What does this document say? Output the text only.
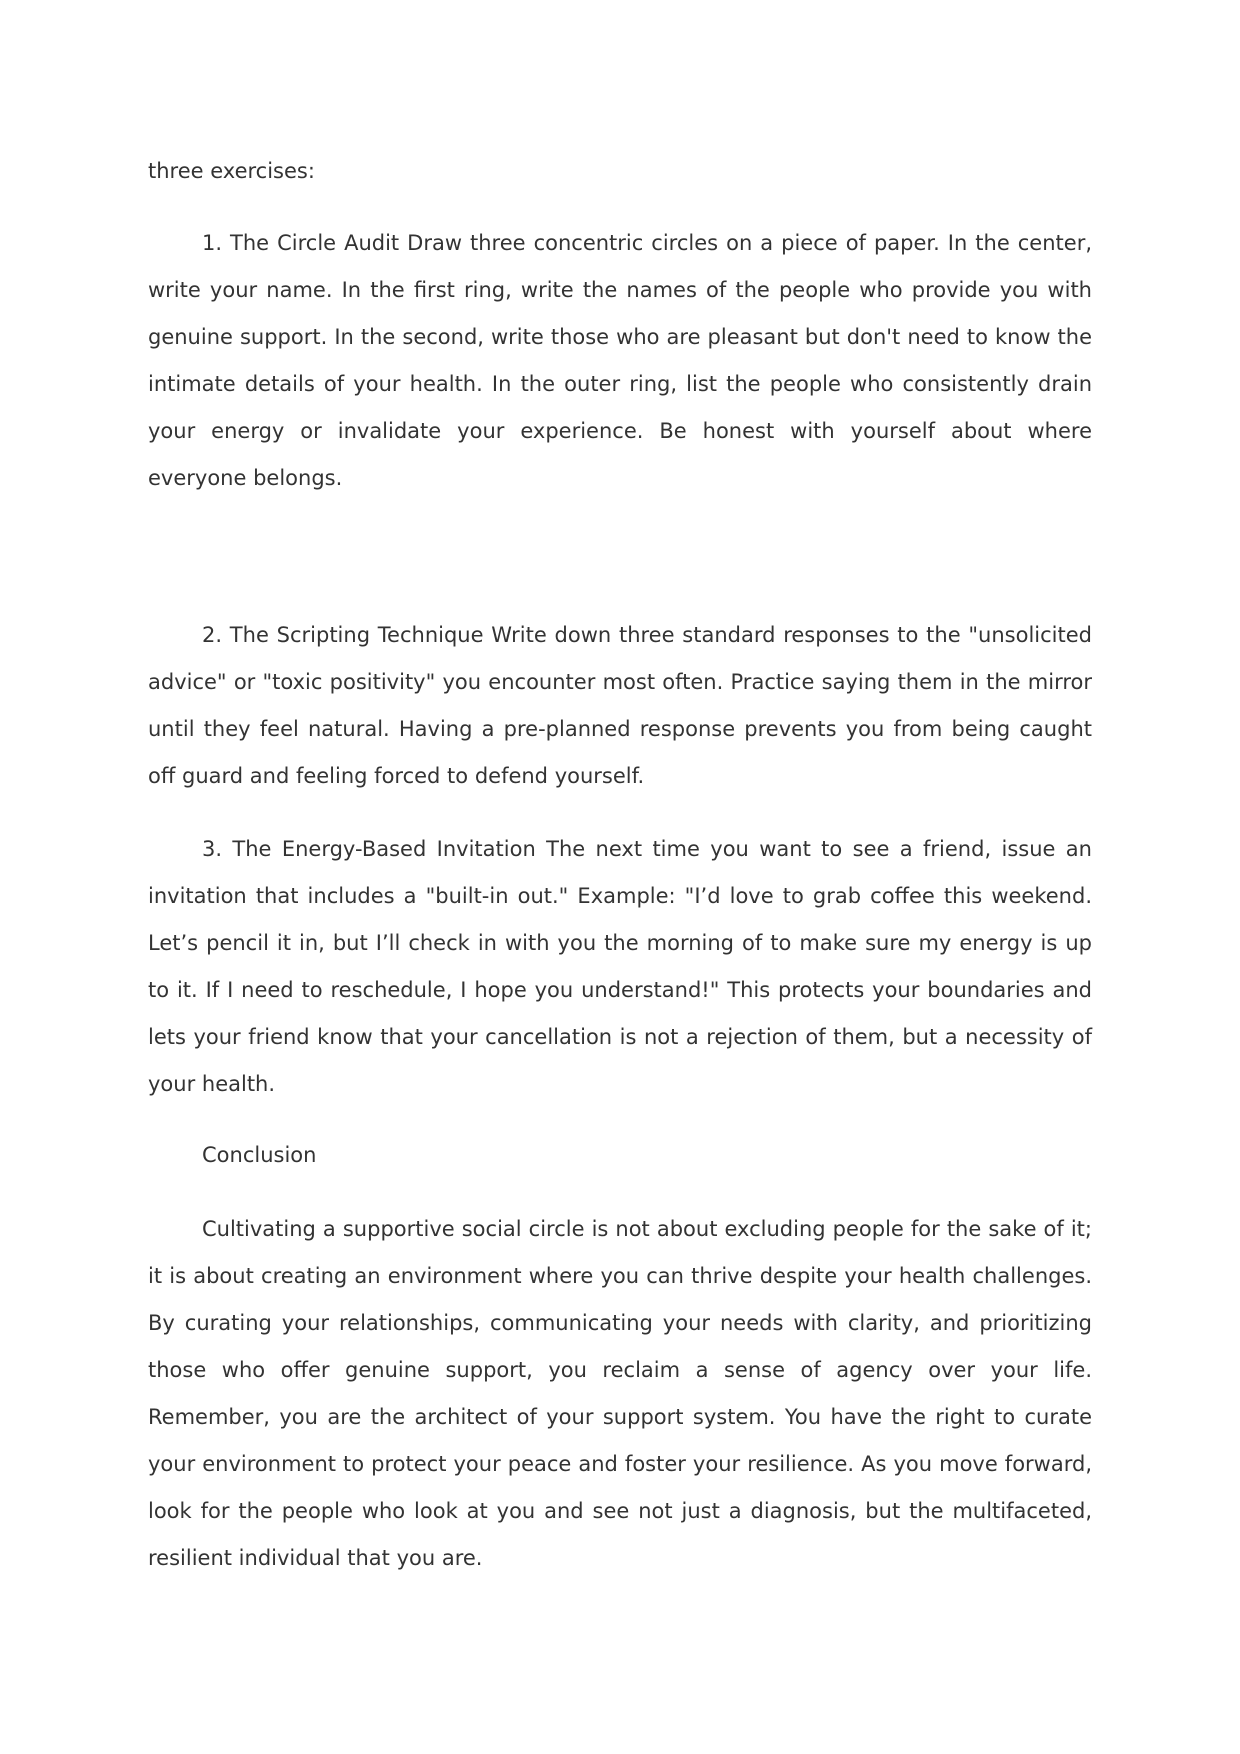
three exercises:

1. The Circle Audit Draw three concentric circles on a piece of paper. In the center, write your name. In the first ring, write the names of the people who provide you with genuine support. In the second, write those who are pleasant but don't need to know the intimate details of your health. In the outer ring, list the people who consistently drain your energy or invalidate your experience. Be honest with yourself about where everyone belongs.

2. The Scripting Technique Write down three standard responses to the "unsolicited advice" or "toxic positivity" you encounter most often. Practice saying them in the mirror until they feel natural. Having a pre-planned response prevents you from being caught off guard and feeling forced to defend yourself.

3. The Energy-Based Invitation The next time you want to see a friend, issue an invitation that includes a "built-in out." Example: "I’d love to grab coffee this weekend. Let’s pencil it in, but I’ll check in with you the morning of to make sure my energy is up to it. If I need to reschedule, I hope you understand!" This protects your boundaries and lets your friend know that your cancellation is not a rejection of them, but a necessity of your health.

Conclusion

Cultivating a supportive social circle is not about excluding people for the sake of it; it is about creating an environment where you can thrive despite your health challenges. By curating your relationships, communicating your needs with clarity, and prioritizing those who offer genuine support, you reclaim a sense of agency over your life. Remember, you are the architect of your support system. You have the right to curate your environment to protect your peace and foster your resilience. As you move forward, look for the people who look at you and see not just a diagnosis, but the multifaceted, resilient individual that you are.
